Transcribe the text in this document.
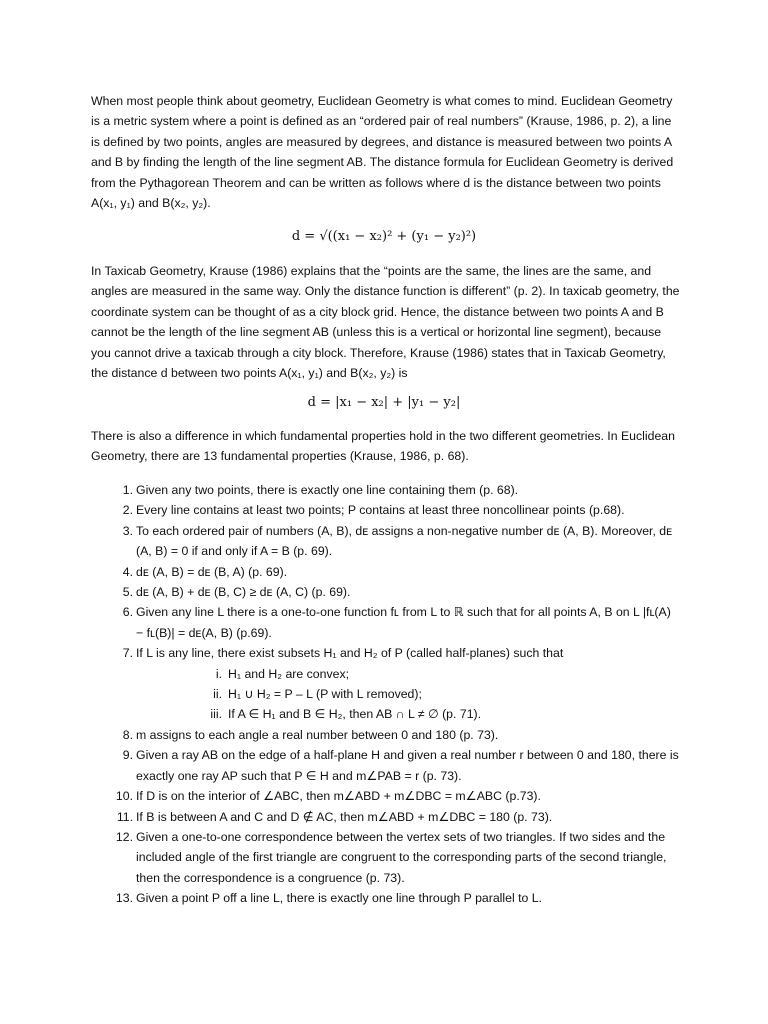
When most people think about geometry, Euclidean Geometry is what comes to mind. Euclidean Geometry is a metric system where a point is defined as an “ordered pair of real numbers” (Krause, 1986, p. 2), a line is defined by two points, angles are measured by degrees, and distance is measured between two points A and B by finding the length of the line segment AB. The distance formula for Euclidean Geometry is derived from the Pythagorean Theorem and can be written as follows where d is the distance between two points A(x₁, y₁) and B(x₂, y₂).

d = √((x₁ − x₂)² + (y₁ − y₂)²)

In Taxicab Geometry, Krause (1986) explains that the “points are the same, the lines are the same, and angles are measured in the same way. Only the distance function is different” (p. 2). In taxicab geometry, the coordinate system can be thought of as a city block grid. Hence, the distance between two points A and B cannot be the length of the line segment AB (unless this is a vertical or horizontal line segment), because you cannot drive a taxicab through a city block. Therefore, Krause (1986) states that in Taxicab Geometry, the distance d between two points A(x₁, y₁) and B(x₂, y₂) is

d = |x₁ − x₂| + |y₁ − y₂|

There is also a difference in which fundamental properties hold in the two different geometries. In Euclidean Geometry, there are 13 fundamental properties (Krause, 1986, p. 68).

1. Given any two points, there is exactly one line containing them (p. 68).
2. Every line contains at least two points; P contains at least three noncollinear points (p.68).
3. To each ordered pair of numbers (A, B), dᴇ assigns a non-negative number dᴇ (A, B). Moreover, dᴇ (A, B) = 0 if and only if A = B (p. 69).
4. dᴇ (A, B) = dᴇ (B, A) (p. 69).
5. dᴇ (A, B) + dᴇ (B, C) ≥ dᴇ (A, C) (p. 69).
6. Given any line L there is a one-to-one function fʟ from L to ℝ such that for all points A, B on L |fʟ(A) − fʟ(B)| = dᴇ(A, B) (p.69).
7. If L is any line, there exist subsets H₁ and H₂ of P (called half-planes) such that
i. H₁ and H₂ are convex;
ii. H₁ ∪ H₂ = P – L (P with L removed);
iii. If A ∈ H₁ and B ∈ H₂, then AB ∩ L ≠ ∅ (p. 71).
8. m assigns to each angle a real number between 0 and 180 (p. 73).
9. Given a ray AB on the edge of a half-plane H and given a real number r between 0 and 180, there is exactly one ray AP such that P ∈ H and m∠PAB = r (p. 73).
10. If D is on the interior of ∠ABC, then m∠ABD + m∠DBC = m∠ABC (p.73).
11. If B is between A and C and D ∉ AC, then m∠ABD + m∠DBC = 180 (p. 73).
12. Given a one-to-one correspondence between the vertex sets of two triangles. If two sides and the included angle of the first triangle are congruent to the corresponding parts of the second triangle, then the correspondence is a congruence (p. 73).
13. Given a point P off a line L, there is exactly one line through P parallel to L.
